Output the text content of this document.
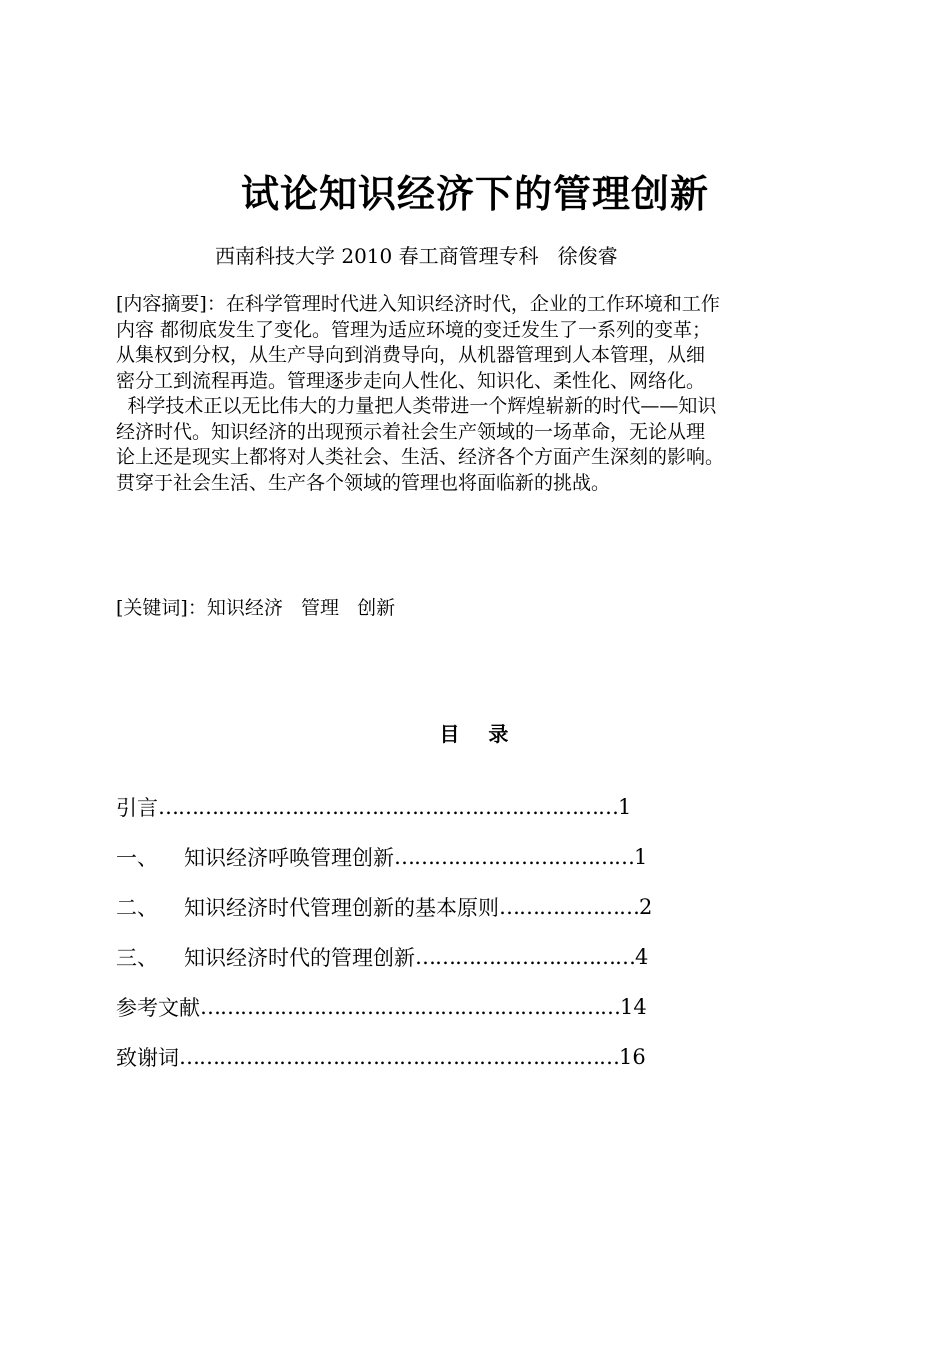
试论知识经济下的管理创新
西南科技大学 2010 春工商管理专科   徐俊睿

[内容摘要]：在科学管理时代进入知识经济时代，企业的工作环境和工作

内容 都彻底发生了变化。管理为适应环境的变迁发生了一系列的变革；

从集权到分权，从生产导向到消费导向，从机器管理到人本管理，从细

密分工到流程再造。管理逐步走向人性化、知识化、柔性化、网络化。

科学技术正以无比伟大的力量把人类带进一个辉煌崭新的时代——知识

经济时代。知识经济的出现预示着社会生产领域的一场革命，无论从理

论上还是现实上都将对人类社会、生活、经济各个方面产生深刻的影响。

贯穿于社会生活、生产各个领域的管理也将面临新的挑战。

[关键词]：知识经济   管理   创新
目   录
引言 …………………………………………………………… 1
一、	知识经济呼唤管理创新 ……………………………… 1
二、	知识经济时代管理创新的基本原则 ………………… 2
三、	知识经济时代的管理创新 …………………………… 4
参考文献 ……………………………………………………… 14
致谢词 ………………………………………………………… 16
